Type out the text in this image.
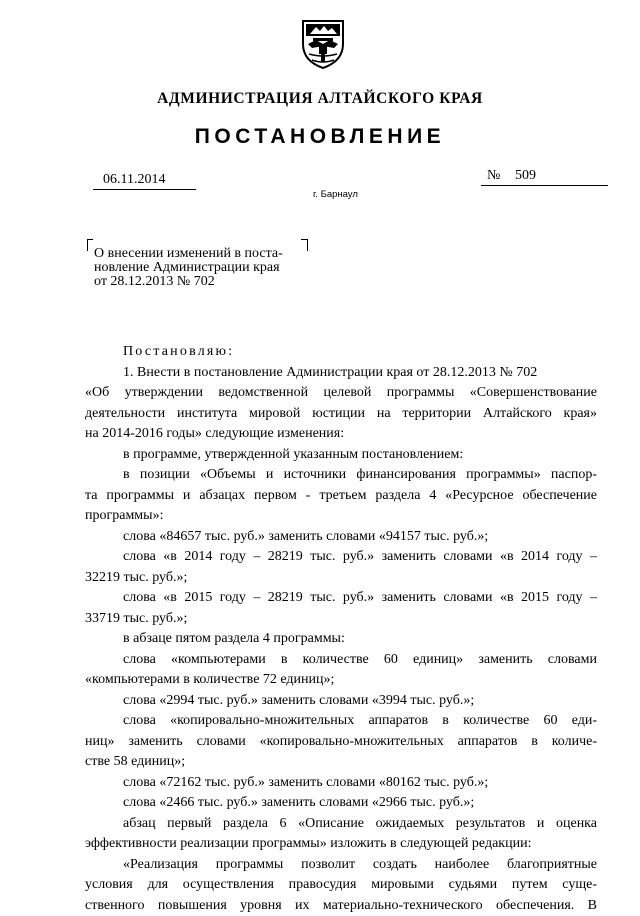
АДМИНИСТРАЦИЯ АЛТАЙСКОГО КРАЯ
ПОСТАНОВЛЕНИЕ
06.11.2014	№ 509
г. Барнаул
О внесении изменений в поста-
новление Администрации края
от 28.12.2013 № 702
Постановляю:
1. Внести в постановление Администрации края от 28.12.2013 № 702
«Об утверждении ведомственной целевой программы «Совершенствование
деятельности института мировой юстиции на территории Алтайского края»
на 2014-2016 годы» следующие изменения:
в программе, утвержденной указанным постановлением:
в позиции «Объемы и источники финансирования программы» паспор-
та программы и абзацах первом - третьем раздела 4 «Ресурсное обеспечение
программы»:
слова «84657 тыс. руб.» заменить словами «94157 тыс. руб.»;
слова «в 2014 году – 28219 тыс. руб.» заменить словами «в 2014 году –
32219 тыс. руб.»;
слова «в 2015 году – 28219 тыс. руб.» заменить словами «в 2015 году –
33719 тыс. руб.»;
в абзаце пятом раздела 4 программы:
слова «компьютерами в количестве 60 единиц» заменить словами
«компьютерами в количестве 72 единиц»;
слова «2994 тыс. руб.» заменить словами «3994 тыс. руб.»;
слова «копировально-множительных аппаратов в количестве 60 еди-
ниц» заменить словами «копировально-множительных аппаратов в количе-
стве 58 единиц»;
слова «72162 тыс. руб.» заменить словами «80162 тыс. руб.»;
слова «2466 тыс. руб.» заменить словами «2966 тыс. руб.»;
абзац первый раздела 6 «Описание ожидаемых результатов и оценка
эффективности реализации программы» изложить в следующей редакции:
«Реализация программы позволит создать наиболее благоприятные
условия для осуществления правосудия мировыми судьями путем суще-
ственного повышения уровня их материально-технического обеспечения. В
